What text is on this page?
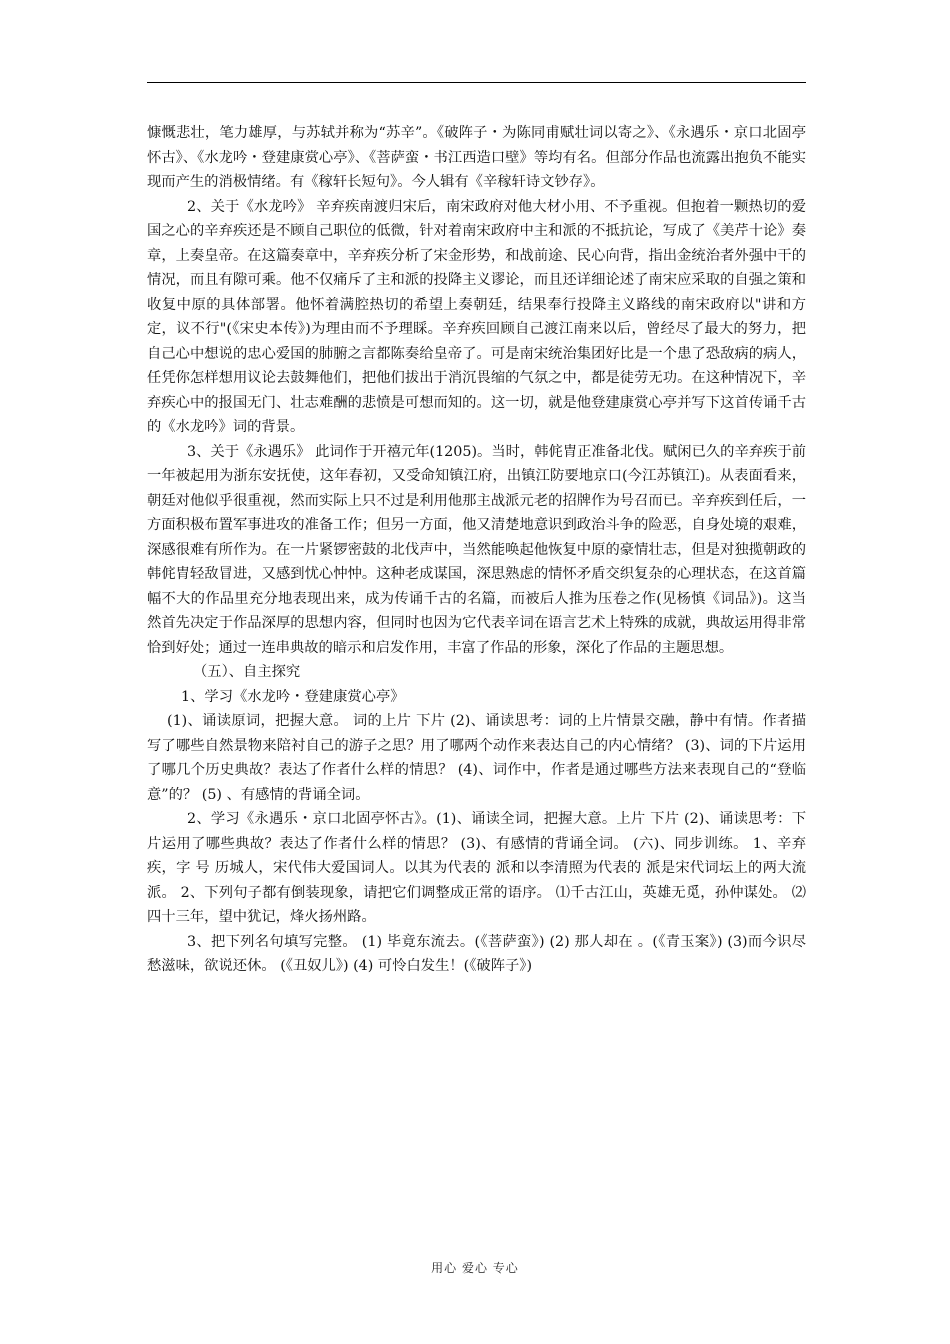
慷慨悲壮，笔力雄厚，与苏轼并称为“苏辛”。《破阵子・为陈同甫赋壮词以寄之》、《永遇乐・京口北固亭怀古》、《水龙吟・登建康赏心亭》、《菩萨蛮・书江西造口壁》等均有名。但部分作品也流露出抱负不能实现而产生的消极情绪。有《稼轩长短句》。今人辑有《辛稼轩诗文钞存》。

2、关于《水龙吟》 辛弃疾南渡归宋后，南宋政府对他大材小用、不予重视。但抱着一颗热切的爱国之心的辛弃疾还是不顾自己职位的低微，针对着南宋政府中主和派的不抵抗论，写成了《美芹十论》奏章，上奏皇帝。在这篇奏章中，辛弃疾分析了宋金形势，和战前途、民心向背，指出金统治者外强中干的情况，而且有隙可乘。他不仅痛斥了主和派的投降主义谬论，而且还详细论述了南宋应采取的自强之策和收复中原的具体部署。他怀着满腔热切的希望上奏朝廷，结果奉行投降主义路线的南宋政府以"讲和方定，议不行"(《宋史本传》)为理由而不予理睬。辛弃疾回顾自己渡江南来以后，曾经尽了最大的努力，把自己心中想说的忠心爱国的肺腑之言都陈奏给皇帝了。可是南宋统治集团好比是一个患了恐敌病的病人，任凭你怎样想用议论去鼓舞他们，把他们拔出于消沉畏缩的气氛之中，都是徒劳无功。在这种情况下，辛弃疾心中的报国无门、壮志难酬的悲愤是可想而知的。这一切，就是他登建康赏心亭并写下这首传诵千古的《水龙吟》词的背景。

3、关于《永遇乐》 此词作于开禧元年(1205)。当时，韩侂胄正准备北伐。赋闲已久的辛弃疾于前一年被起用为浙东安抚使，这年春初，又受命知镇江府，出镇江防要地京口(今江苏镇江)。从表面看来，朝廷对他似乎很重视，然而实际上只不过是利用他那主战派元老的招牌作为号召而已。辛弃疾到任后，一方面积极布置军事进攻的准备工作；但另一方面，他又清楚地意识到政治斗争的险恶，自身处境的艰难，深感很难有所作为。在一片紧锣密鼓的北伐声中，当然能唤起他恢复中原的豪情壮志，但是对独揽朝政的韩侂胄轻敌冒进，又感到忧心忡忡。这种老成谋国，深思熟虑的情怀矛盾交织复杂的心理状态，在这首篇幅不大的作品里充分地表现出来，成为传诵千古的名篇，而被后人推为压卷之作(见杨慎《词品》)。这当然首先决定于作品深厚的思想内容，但同时也因为它代表辛词在语言艺术上特殊的成就，典故运用得非常恰到好处；通过一连串典故的暗示和启发作用，丰富了作品的形象，深化了作品的主题思想。

（五）、自主探究

1、学习《水龙吟・登建康赏心亭》

(1)、诵读原词，把握大意。 词的上片 下片 (2)、诵读思考：词的上片情景交融，静中有情。作者描写了哪些自然景物来陪衬自己的游子之思？用了哪两个动作来表达自己的内心情绪？ (3)、词的下片运用了哪几个历史典故？表达了作者什么样的情思？ (4)、词作中，作者是通过哪些方法来表现自己的“登临意”的？ (5) 、有感情的背诵全词。

2、学习《永遇乐・京口北固亭怀古》。(1)、诵读全词，把握大意。上片 下片 (2)、诵读思考：下片运用了哪些典故？表达了作者什么样的情思？ (3)、有感情的背诵全词。 (六)、同步训练。 1、辛弃疾，字 号 历城人，宋代伟大爱国词人。以其为代表的 派和以李清照为代表的 派是宋代词坛上的两大流派。 2、下列句子都有倒装现象，请把它们调整成正常的语序。 ⑴千古江山，英雄无觅，孙仲谋处。 ⑵四十三年，望中犹记，烽火扬州路。

3、把下列名句填写完整。 (1) 毕竟东流去。(《菩萨蛮》) (2) 那人却在 。(《青玉案》) (3)而今识尽愁滋味，欲说还休。 (《丑奴儿》) (4) 可怜白发生！(《破阵子》)

用心 爱心 专心
